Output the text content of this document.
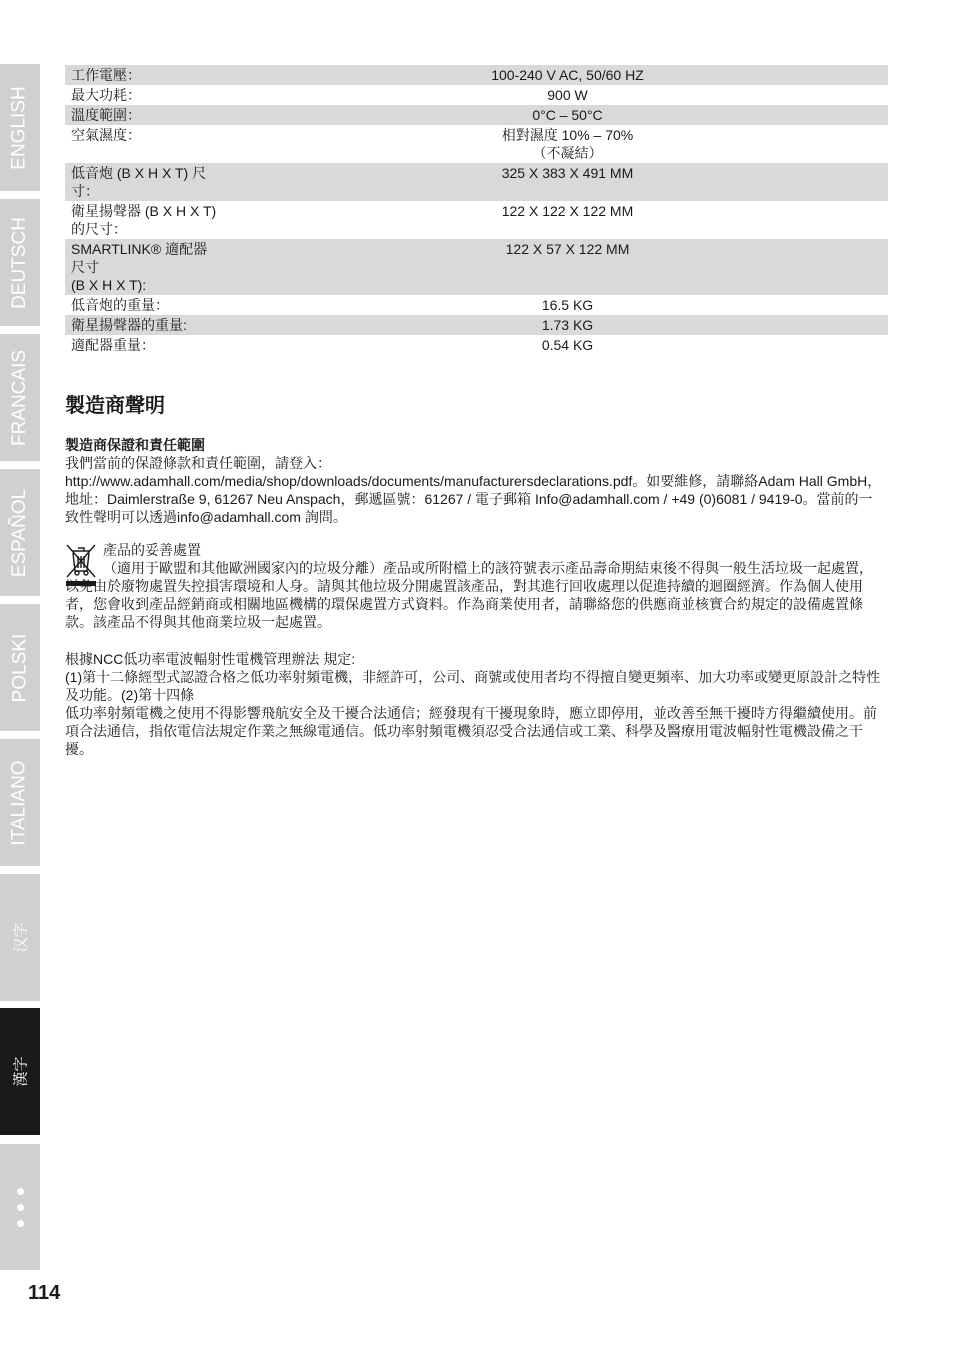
ENGLISH
DEUTSCH
FRANCAIS
ESPAÑOL
POLSKI
ITALIANO
汉字
漢字
工作電壓：	100-240 V AC, 50/60 HZ
最大功耗：	900 W
溫度範圍：	0°C – 50°C
空氣濕度：	相對濕度 10% – 70%
（不凝結）
低音炮 (B X H X T) 尺
寸：	325 X 383 X 491 MM
衛星揚聲器 (B X H X T)
的尺寸：	122 X 122 X 122 MM
SMARTLINK® 適配器
尺寸
(B X H X T):	122 X 57 X 122 MM
低音炮的重量：	16.5 KG
衛星揚聲器的重量:	1.73 KG
適配器重量：	0.54 KG
製造商聲明
製造商保證和責任範圍
我們當前的保證條款和責任範圍，請登入：http://www.adamhall.com/media/shop/downloads/documents/manufacturersdeclarations.pdf。如要維修，請聯絡Adam Hall GmbH，地址：Daimlerstraße 9, 61267 Neu Anspach，郵遞區號：61267 / 電子郵箱 Info@adamhall.com / +49 (0)6081 / 9419-0。當前的一致性聲明可以透過info@adamhall.com 詢問。
產品的妥善處置
（適用于歐盟和其他歐洲國家內的垃圾分離）產品或所附檔上的該符號表示產品壽命期結束後不得與一般生活垃圾一起處置，以免由於廢物處置失控損害環境和人身。請與其他垃圾分開處置該產品，對其進行回收處理以促進持續的迴圈經濟。作為個人使用者，您會收到產品經銷商或相關地區機構的環保處置方式資料。作為商業使用者，請聯絡您的供應商並核實合約規定的設備處置條款。該產品不得與其他商業垃圾一起處置。
根據NCC低功率電波輻射性電機管理辦法 規定:
(1)第十二條經型式認證合格之低功率射頻電機，非經許可，公司、商號或使用者均不得擅自變更頻率、加大功率或變更原設計之特性及功能。(2)第十四條
低功率射頻電機之使用不得影響飛航安全及干擾合法通信；經發現有干擾現象時，應立即停用，並改善至無干擾時方得繼續使用。前項合法通信，指依電信法規定作業之無線電通信。低功率射頻電機須忍受合法通信或工業、科學及醫療用電波輻射性電機設備之干擾。
114
